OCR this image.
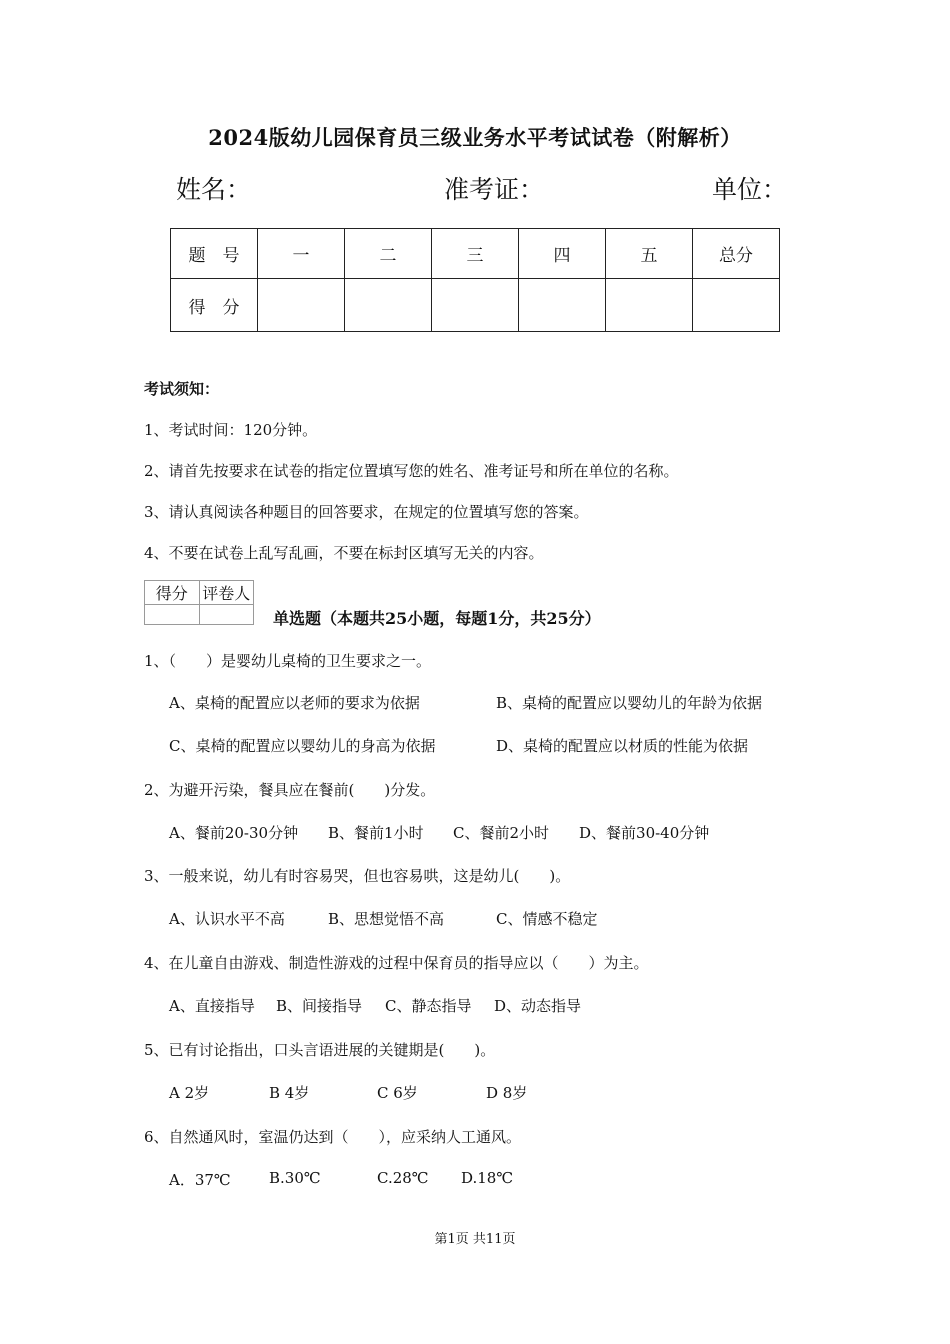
2024版幼儿园保育员三级业务水平考试试卷（附解析）
姓名：	准考证：	单位：
题　号	一	二	三	四	五	总分
得　分						
考试须知：
1、考试时间：120分钟。
2、请首先按要求在试卷的指定位置填写您的姓名、准考证号和所在单位的名称。
3、请认真阅读各种题目的回答要求，在规定的位置填写您的答案。
4、不要在试卷上乱写乱画，不要在标封区填写无关的内容。
得分	评卷人

单选题（本题共25小题，每题1分，共25分）
1、（　　）是婴幼儿桌椅的卫生要求之一。
A、桌椅的配置应以老师的要求为依据	B、桌椅的配置应以婴幼儿的年龄为依据
C、桌椅的配置应以婴幼儿的身高为依据	D、桌椅的配置应以材质的性能为依据
2、为避开污染，餐具应在餐前(　　)分发。
A、餐前20-30分钟 B、餐前1小时 C、餐前2小时 D、餐前30-40分钟
3、一般来说，幼儿有时容易哭，但也容易哄，这是幼儿(　　)。
A、认识水平不高	B、思想觉悟不高	C、情感不稳定
4、在儿童自由游戏、制造性游戏的过程中保育员的指导应以（　　）为主。
A、直接指导 B、间接指导 C、静态指导 D、动态指导
5、已有讨论指出，口头言语进展的关键期是(　　)。
A 2岁	B 4岁	C 6岁	D 8岁
6、自然通风时，室温仍达到（　　），应采纳人工通风。
A．37℃	B.30℃	C.28℃ D.18℃
第1页 共11页
